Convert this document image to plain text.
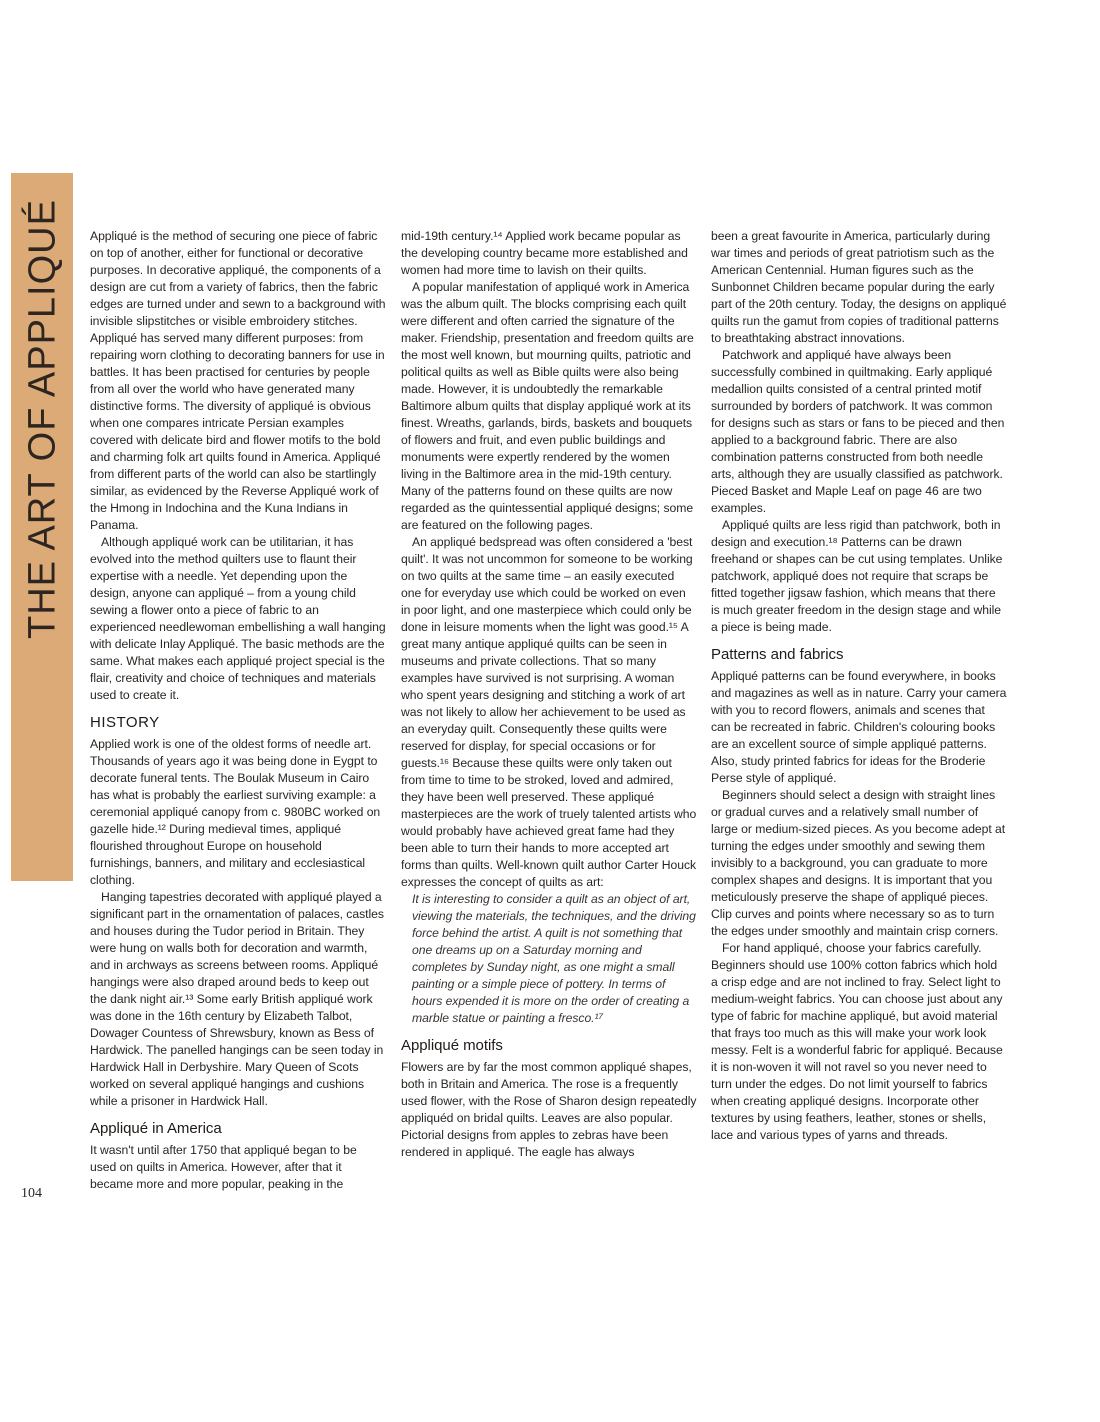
THE ART OF APPLIQUÉ	Appliqué is the method of securing one piece of fabric on top of another, either for functional or decorative purposes. In decorative appliqué, the components of a design are cut from a variety of fabrics, then the fabric edges are turned under and sewn to a background with invisible slipstitches or visible embroidery stitches. Appliqué has served many different purposes: from repairing worn clothing to decorating banners for use in battles. It has been practised for centuries by people from all over the world who have generated many distinctive forms. The diversity of appliqué is obvious when one compares intricate Persian examples covered with delicate bird and flower motifs to the bold and charming folk art quilts found in America. Appliqué from different parts of the world can also be startlingly similar, as evidenced by the Reverse Appliqué work of the Hmong in Indochina and the Kuna Indians in Panama.

Although appliqué work can be utilitarian, it has evolved into the method quilters use to flaunt their expertise with a needle. Yet depending upon the design, anyone can appliqué – from a young child sewing a flower onto a piece of fabric to an experienced needlewoman embellishing a wall hanging with delicate Inlay Appliqué. The basic methods are the same. What makes each appliqué project special is the flair, creativity and choice of techniques and materials used to create it.

HISTORY

Applied work is one of the oldest forms of needle art. Thousands of years ago it was being done in Eygpt to decorate funeral tents. The Boulak Museum in Cairo has what is probably the earliest surviving example: a ceremonial appliqué canopy from c. 980BC worked on gazelle hide.¹² During medieval times, appliqué flourished throughout Europe on household furnishings, banners, and military and ecclesiastical clothing.

Hanging tapestries decorated with appliqué played a significant part in the ornamentation of palaces, castles and houses during the Tudor period in Britain. They were hung on walls both for decoration and warmth, and in archways as screens between rooms. Appliqué hangings were also draped around beds to keep out the dank night air.¹³ Some early British appliqué work was done in the 16th century by Elizabeth Talbot, Dowager Countess of Shrewsbury, known as Bess of Hardwick. The panelled hangings can be seen today in Hardwick Hall in Derbyshire. Mary Queen of Scots worked on several appliqué hangings and cushions while a prisoner in Hardwick Hall.

Appliqué in America

It wasn't until after 1750 that appliqué began to be used on quilts in America. However, after that it became more and more popular, peaking in the

mid-19th century.¹⁴ Applied work became popular as the developing country became more established and women had more time to lavish on their quilts.

A popular manifestation of appliqué work in America was the album quilt. The blocks comprising each quilt were different and often carried the signature of the maker. Friendship, presentation and freedom quilts are the most well known, but mourning quilts, patriotic and political quilts as well as Bible quilts were also being made. However, it is undoubtedly the remarkable Baltimore album quilts that display appliqué work at its finest. Wreaths, garlands, birds, baskets and bouquets of flowers and fruit, and even public buildings and monuments were expertly rendered by the women living in the Baltimore area in the mid-19th century. Many of the patterns found on these quilts are now regarded as the quintessential appliqué designs; some are featured on the following pages.

An appliqué bedspread was often considered a 'best quilt'. It was not uncommon for someone to be working on two quilts at the same time – an easily executed one for everyday use which could be worked on even in poor light, and one masterpiece which could only be done in leisure moments when the light was good.¹⁵ A great many antique appliqué quilts can be seen in museums and private collections. That so many examples have survived is not surprising. A woman who spent years designing and stitching a work of art was not likely to allow her achievement to be used as an everyday quilt. Consequently these quilts were reserved for display, for special occasions or for guests.¹⁶ Because these quilts were only taken out from time to time to be stroked, loved and admired, they have been well preserved. These appliqué masterpieces are the work of truely talented artists who would probably have achieved great fame had they been able to turn their hands to more accepted art forms than quilts. Well-known quilt author Carter Houck expresses the concept of quilts as art:

It is interesting to consider a quilt as an object of art, viewing the materials, the techniques, and the driving force behind the artist. A quilt is not something that one dreams up on a Saturday morning and completes by Sunday night, as one might a small painting or a simple piece of pottery. In terms of hours expended it is more on the order of creating a marble statue or painting a fresco.¹⁷
Appliqué motifs

Flowers are by far the most common appliqué shapes, both in Britain and America. The rose is a frequently used flower, with the Rose of Sharon design repeatedly appliquéd on bridal quilts. Leaves are also popular. Pictorial designs from apples to zebras have been rendered in appliqué. The eagle has always

been a great favourite in America, particularly during war times and periods of great patriotism such as the American Centennial. Human figures such as the Sunbonnet Children became popular during the early part of the 20th century. Today, the designs on appliqué quilts run the gamut from copies of traditional patterns to breathtaking abstract innovations.

Patchwork and appliqué have always been successfully combined in quiltmaking. Early appliqué medallion quilts consisted of a central printed motif surrounded by borders of patchwork. It was common for designs such as stars or fans to be pieced and then applied to a background fabric. There are also combination patterns constructed from both needle arts, although they are usually classified as patchwork. Pieced Basket and Maple Leaf on page 46 are two examples.

Appliqué quilts are less rigid than patchwork, both in design and execution.¹⁸ Patterns can be drawn freehand or shapes can be cut using templates. Unlike patchwork, appliqué does not require that scraps be fitted together jigsaw fashion, which means that there is much greater freedom in the design stage and while a piece is being made.

Patterns and fabrics

Appliqué patterns can be found everywhere, in books and magazines as well as in nature. Carry your camera with you to record flowers, animals and scenes that can be recreated in fabric. Children's colouring books are an excellent source of simple appliqué patterns. Also, study printed fabrics for ideas for the Broderie Perse style of appliqué.

Beginners should select a design with straight lines or gradual curves and a relatively small number of large or medium-sized pieces. As you become adept at turning the edges under smoothly and sewing them invisibly to a background, you can graduate to more complex shapes and designs. It is important that you meticulously preserve the shape of appliqué pieces. Clip curves and points where necessary so as to turn the edges under smoothly and maintain crisp corners.

For hand appliqué, choose your fabrics carefully. Beginners should use 100% cotton fabrics which hold a crisp edge and are not inclined to fray. Select light to medium-weight fabrics. You can choose just about any type of fabric for machine appliqué, but avoid material that frays too much as this will make your work look messy. Felt is a wonderful fabric for appliqué. Because it is non-woven it will not ravel so you never need to turn under the edges. Do not limit yourself to fabrics when creating appliqué designs. Incorporate other textures by using feathers, leather, stones or shells, lace and various types of yarns and threads.

104
